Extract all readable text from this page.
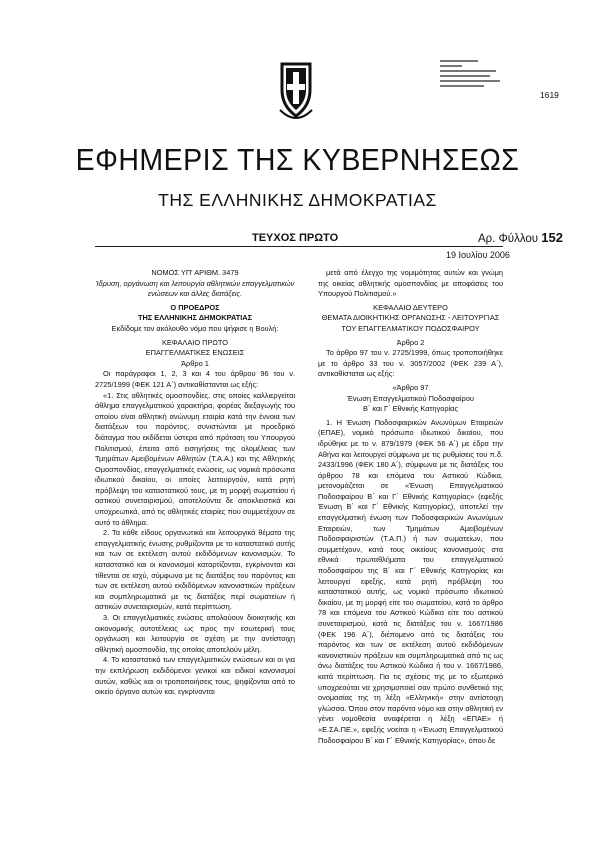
1619
ΕΦΗΜΕΡΙΣ ΤΗΣ ΚΥΒΕΡΝΗΣΕΩΣ
ΤΗΣ ΕΛΛΗΝΙΚΗΣ ΔΗΜΟΚΡΑΤΙΑΣ
ΤΕΥΧΟΣ ΠΡΩΤΟ	Αρ. Φύλλου 152
19 Ιουλίου 2006
ΝΟΜΟΣ ΥΠ' ΑΡΙΘΜ. 3479
Ίδρυση, οργάνωση και λειτουργία αθλητικών επαγγελματικών ενώσεων και άλλες διατάξεις.
Ο ΠΡΟΕΔΡΟΣ
ΤΗΣ ΕΛΛΗΝΙΚΗΣ ΔΗΜΟΚΡΑΤΙΑΣ
Εκδίδομε τον ακόλουθο νόμο που ψήφισε η Βουλή:
ΚΕΦΑΛΑΙΟ ΠΡΩΤΟ
ΕΠΑΓΓΕΛΜΑΤΙΚΕΣ ΕΝΩΣΕΙΣ
Άρθρο 1

Οι παράγραφοι 1, 2, 3 και 4 του άρθρου 96 του ν. 2725/1999 (ΦΕΚ 121 Α΄) αντικαθίστανται ως εξής:

«1. Στις αθλητικές ομοσπονδίες, στις οποίες καλλιεργείται άθλημα επαγγελματικού χαρακτήρα, φορέας διεξαγωγής του οποίου είναι αθλητική ανώνυμη εταιρία κατά την έννοια των διατάξεων του παρόντος, συνιστώνται με προεδρικό διάταγμα που εκδίδεται ύστερα από πρόταση του Υπουργού Πολιτισμού, έπειτα από εισηγήσεις της ολομέλειας των Τμημάτων Αμειβομένων Αθλητών (Τ.Α.Α.) και της Αθλητικής Ομοσπονδίας, επαγγελματικές ενώσεις, ως νομικά πρόσωπα ιδιωτικού δικαίου, οι οποίες λειτουργούν, κατά ρητή πρόβλεψη του καταστατικού τους, με τη μορφή σωματείου ή αστικού συνεταιρισμού, αποτελούντα δε αποκλειστικά και υποχρεωτικά, από τις αθλητικές εταιρίες που συμμετέχουν σε αυτό το άθλημα.

2. Τα κάθε είδους οργανωτικά και λειτουργικά θέματα της επαγγελματικής ένωσης ρυθμίζονται με το καταστατικό αυτής και των σε εκτέλεση αυτού εκδιδόμενων κανονισμών. Το καταστατικό και οι κανονισμοί καταρτίζονται, εγκρίνονται και τίθενται σε ισχύ, σύμφωνα με τις διατάξεις του παρόντος και των σε εκτέλεση αυτού εκδιδόμενων κανονιστικών πράξεων και συμπληρωματικά με τις διατάξεις περί σωματείων ή αστικών συνεταιρισμών, κατά περίπτωση.

3. Οι επαγγελματικές ενώσεις απολαύουν διοικητικής και οικονομικής αυτοτέλειας ως προς την εσωτερική τους οργάνωση και λειτουργία σε σχέση με την αντίστοιχη αθλητική ομοσπονδία, της οποίας αποτελούν μέλη.

4. Το καταστατικό των επαγγελματικών ενώσεων και οι για την εκπλήρωση εκδιδόμενοι γενικοί και ειδικοί κανονισμοί αυτών, καθώς και οι τροποποιήσεις τους, ψηφίζονται από το οικείο όργανο αυτών και, εγκρίνονται

μετά από έλεγχο της νομιμότητας αυτών και γνώμη της οικείας αθλητικής ομοσπονδίας με αποφάσεις του Υπουργού Πολιτισμού.»

ΚΕΦΑΛΑΙΟ ΔΕΥΤΕΡΟ
ΘΕΜΑΤΑ ΔΙΟΙΚΗΤΙΚΗΣ ΟΡΓΑΝΩΣΗΣ - ΛΕΙΤΟΥΡΓΙΑΣ
ΤΟΥ ΕΠΑΓΓΕΛΜΑΤΙΚΟΥ ΠΟΔΟΣΦΑΙΡΟΥ
Άρθρο 2

Το άρθρο 97 του ν. 2725/1999, όπως τροποποιήθηκε με το άρθρο 33 του ν. 3057/2002 (ΦΕΚ 239 Α΄), αντικαθίσταται ως εξής:

«Άρθρο 97
Ένωση Επαγγελματικού Ποδοσφαίρου
Β΄ και Γ΄ Εθνικής Κατηγορίας

1. Η Ένωση Ποδοσφαιρικών Ανωνύμων Εταιρειών (ΕΠΑΕ), νομικό πρόσωπο ιδιωτικού δικαίου, που ιδρύθηκε με το ν. 879/1979 (ΦΕΚ 56 Α΄) με έδρα την Αθήνα και λειτουργεί σύμφωνα με τις ρυθμίσεις του π.δ. 2433/1996 (ΦΕΚ 180 Α΄), σύμφωνα με τις διατάξεις του άρθρου 78 και επόμενα του Αστικού Κώδικα, μετονομάζεται σε «Ένωση Επαγγελματικού Ποδοσφαίρου Β΄ και Γ΄ Εθνικής Κατηγορίας» (εφεξής Ένωση Β΄ και Γ΄ Εθνικής Κατηγορίας), αποτελεί την επαγγελματική ένωση των Ποδοσφαιρικών Ανωνύμων Εταιρειών, των Τμημάτων Αμειβομένων Ποδοσφαιριστών (Τ.Α.Π.) ή των σωματείων, που συμμετέχουν, κατά τους οικείους κανονισμούς στα εθνικά πρωταθλήματα του επαγγελματικού ποδοσφαίρου της Β΄ και Γ΄ Εθνικής Κατηγορίας και λειτουργεί εφεξής, κατά ρητή πρόβλεψη του καταστατικού αυτής, ως νομικό πρόσωπο ιδιωτικού δικαίου, με τη μορφή είτε του σωματείου, κατά το άρθρο 78 και επόμενα του Αστικού Κώδικα είτε του αστικού συνεταιρισμού, κατά τις διατάξεις του ν. 1667/1986 (ΦΕΚ 196 Α΄), διέπομενο από τις διατάξεις του παρόντος και των σε εκτέλεση αυτού εκδιδόμενων κανονιστικών πράξεων και συμπληρωματικά από τις ως άνω διατάξεις του Αστικού Κώδικα ή του ν. 1667/1986, κατά περίπτωση. Για τις σχέσεις της με το εξωτερικό υποχρεούται να χρησιμοποιεί σαν πρώτο συνθετικό της ονομασίας της τη λέξη «Ελληνική» στην αντίστοιχη γλώσσα. Όπου στον παρόντα νόμο και στην αθλητική εν γένει νομοθεσία αναφέρεται η λέξη «ΕΠΑΕ» ή «Ε.ΣΑ.ΠΕ.», εφεξής νοείται η «Ένωση Επαγγελματικού Ποδοσφαίρου Β΄ και Γ΄ Εθνικής Κατηγορίας», όπου δε
